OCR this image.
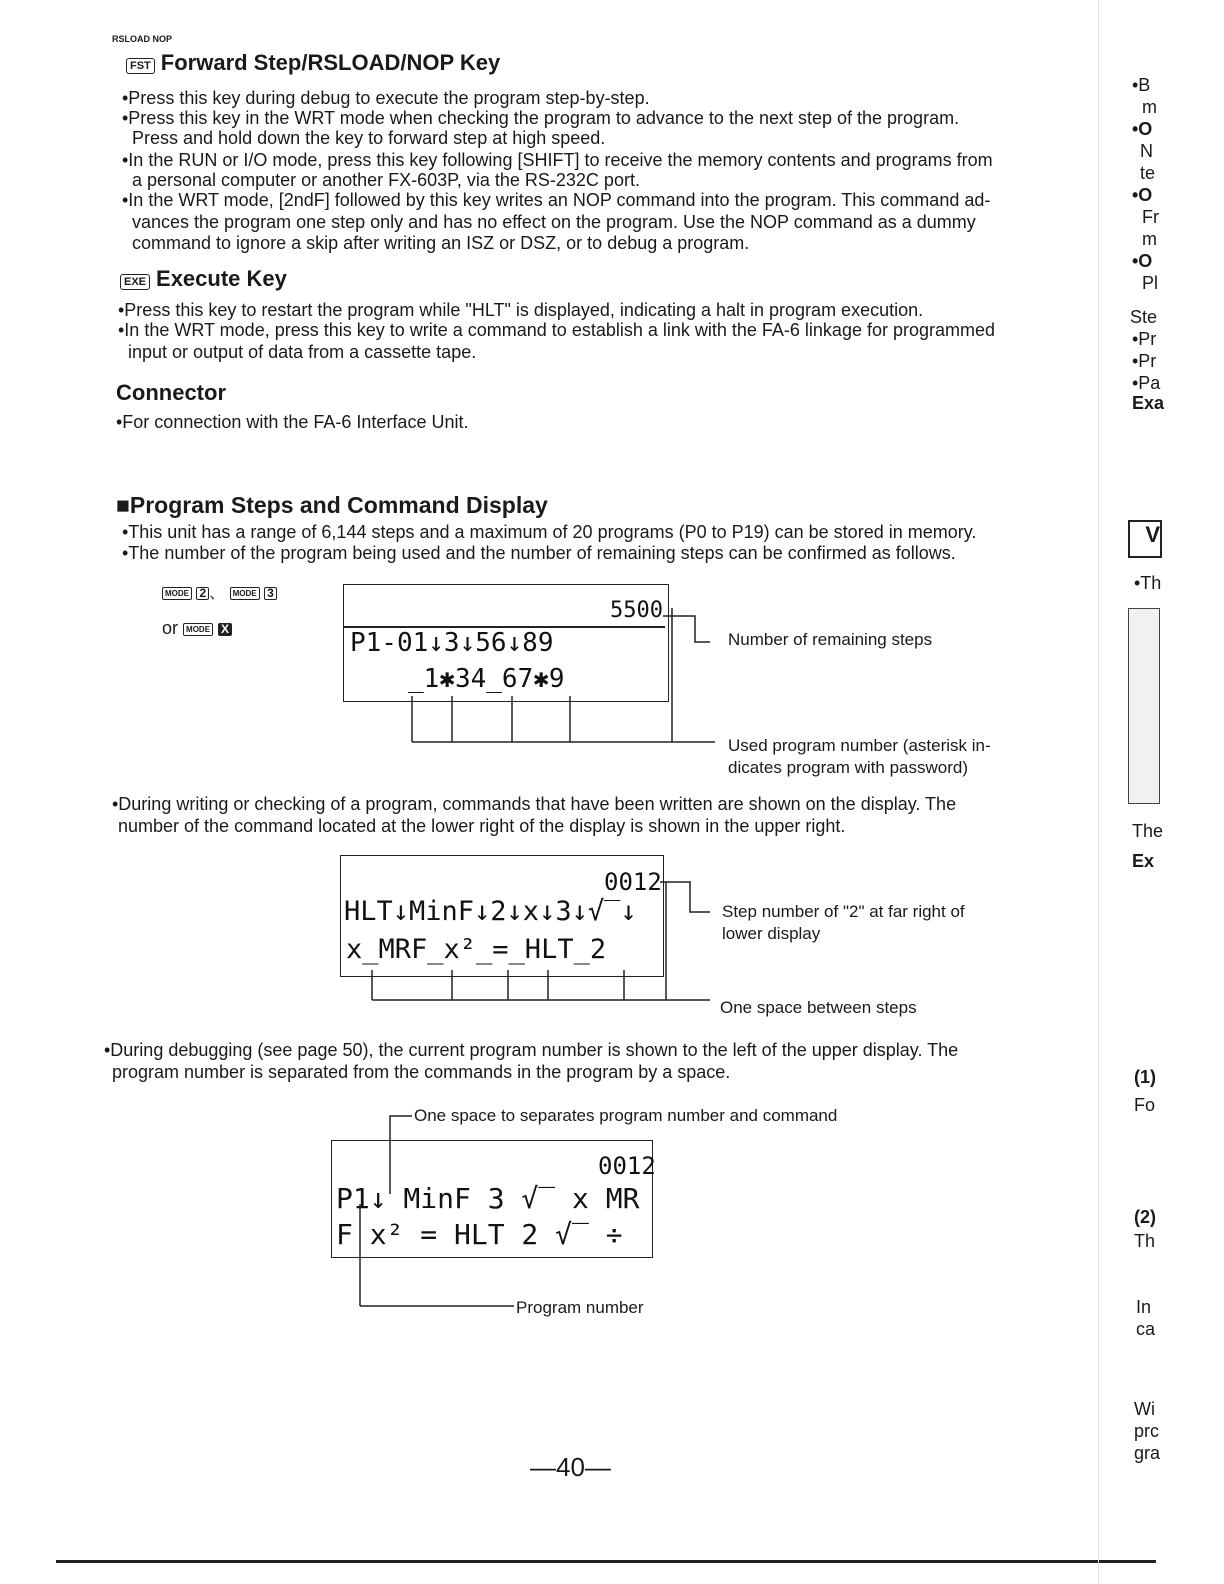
RSLOAD NOP
FST Forward Step/RSLOAD/NOP Key
•Press this key during debug to execute the program step-by-step.
•Press this key in the WRT mode when checking the program to advance to the next step of the program.
Press and hold down the key to forward step at high speed.
•In the RUN or I/O mode, press this key following [SHIFT] to receive the memory contents and programs from
a personal computer or another FX-603P, via the RS-232C port.
•In the WRT mode, [2ndF] followed by this key writes an NOP command into the program. This command ad-
vances the program one step only and has no effect on the program. Use the NOP command as a dummy
command to ignore a skip after writing an ISZ or DSZ, or to debug a program.
EXE Execute Key
•Press this key to restart the program while "HLT" is displayed, indicating a halt in program execution.
•In the WRT mode, press this key to write a command to establish a link with the FA-6 linkage for programmed
input or output of data from a cassette tape.
Connector
•For connection with the FA-6 Interface Unit.
■Program Steps and Command Display
•This unit has a range of 6,144 steps and a maximum of 20 programs (P0 to P19) can be stored in memory.
•The number of the program being used and the number of remaining steps can be confirmed as follows.
MODE 2 、 MODE 3
or MODE X
5500
P1-01↓3↓56↓89
_1✱34_67✱9
Number of remaining steps
Used program number (asterisk in-
dicates program with password)
•During writing or checking of a program, commands that have been written are shown on the display. The
number of the command located at the lower right of the display is shown in the upper right.
0012
HLT↓MinF↓2↓x↓3↓√‾↓
x_MRF_x²_=_HLT_2
Step number of "2" at far right of
lower display
One space between steps
•During debugging (see page 50), the current program number is shown to the left of the upper display. The
program number is separated from the commands in the program by a space.
One space to separates program number and command
0012
P1↓ MinF 3 √‾ x MR
F x² = HLT 2 √‾ ÷
Program number
—40—
•B
m
•O
N
te
•O
Fr
m
•O
Pl
Ste
•Pr
•Pr
•Pa
Exa
V
•Th
The
Ex
(1)
Fo
(2)
Th
In
ca
Wi
prc
gra
